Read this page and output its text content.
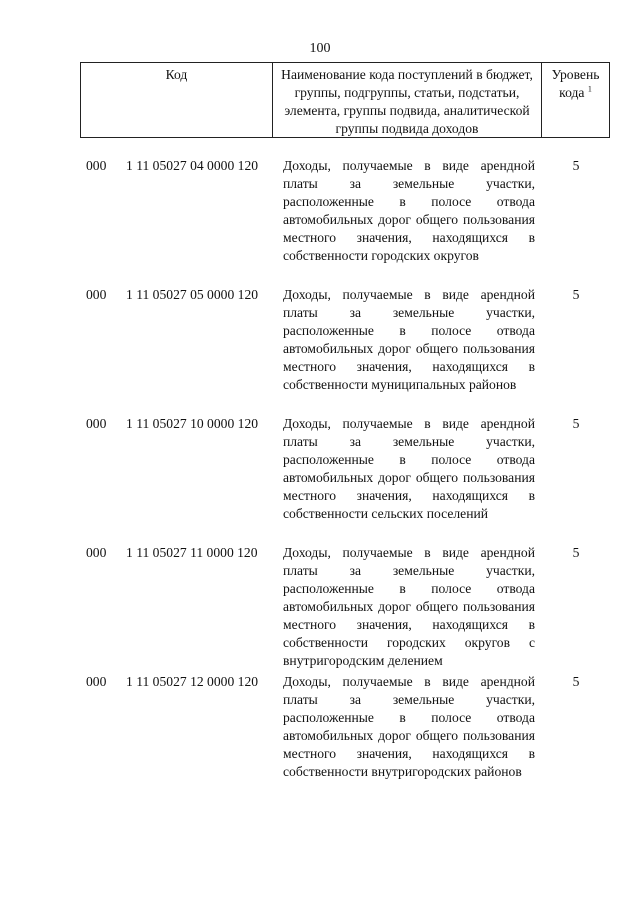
100
Код	Наименование кода поступлений в бюджет, группы, подгруппы, статьи, подстатьи, элемента, группы подвида, аналитической группы подвида доходов
Уровень кода $^1$
000 1 11 05027 04 0000 120 Доходы, получаемые в виде арендной платы за земельные участки, расположенные в полосе отвода автомобильных дорог общего пользования местного значения, находящихся в собственности городских округов
5
000 1 11 05027 05 0000 120 Доходы, получаемые в виде арендной платы за земельные участки, расположенные в полосе отвода автомобильных дорог общего пользования местного значения, находящихся в собственности муниципальных районов
5
000 1 11 05027 10 0000 120 Доходы, получаемые в виде арендной платы за земельные участки, расположенные в полосе отвода автомобильных дорог общего пользования местного значения, находящихся в собственности сельских поселений
5
000 1 11 05027 11 0000 120 Доходы, получаемые в виде арендной платы за земельные участки, расположенные в полосе отвода автомобильных дорог общего пользования местного значения, находящихся в собственности городских округов с внутригородским делением
5
000 1 11 05027 12 0000 120 Доходы, получаемые в виде арендной платы за земельные участки, расположенные в полосе отвода автомобильных дорог общего пользования местного значения, находящихся в собственности внутригородских районов
5
